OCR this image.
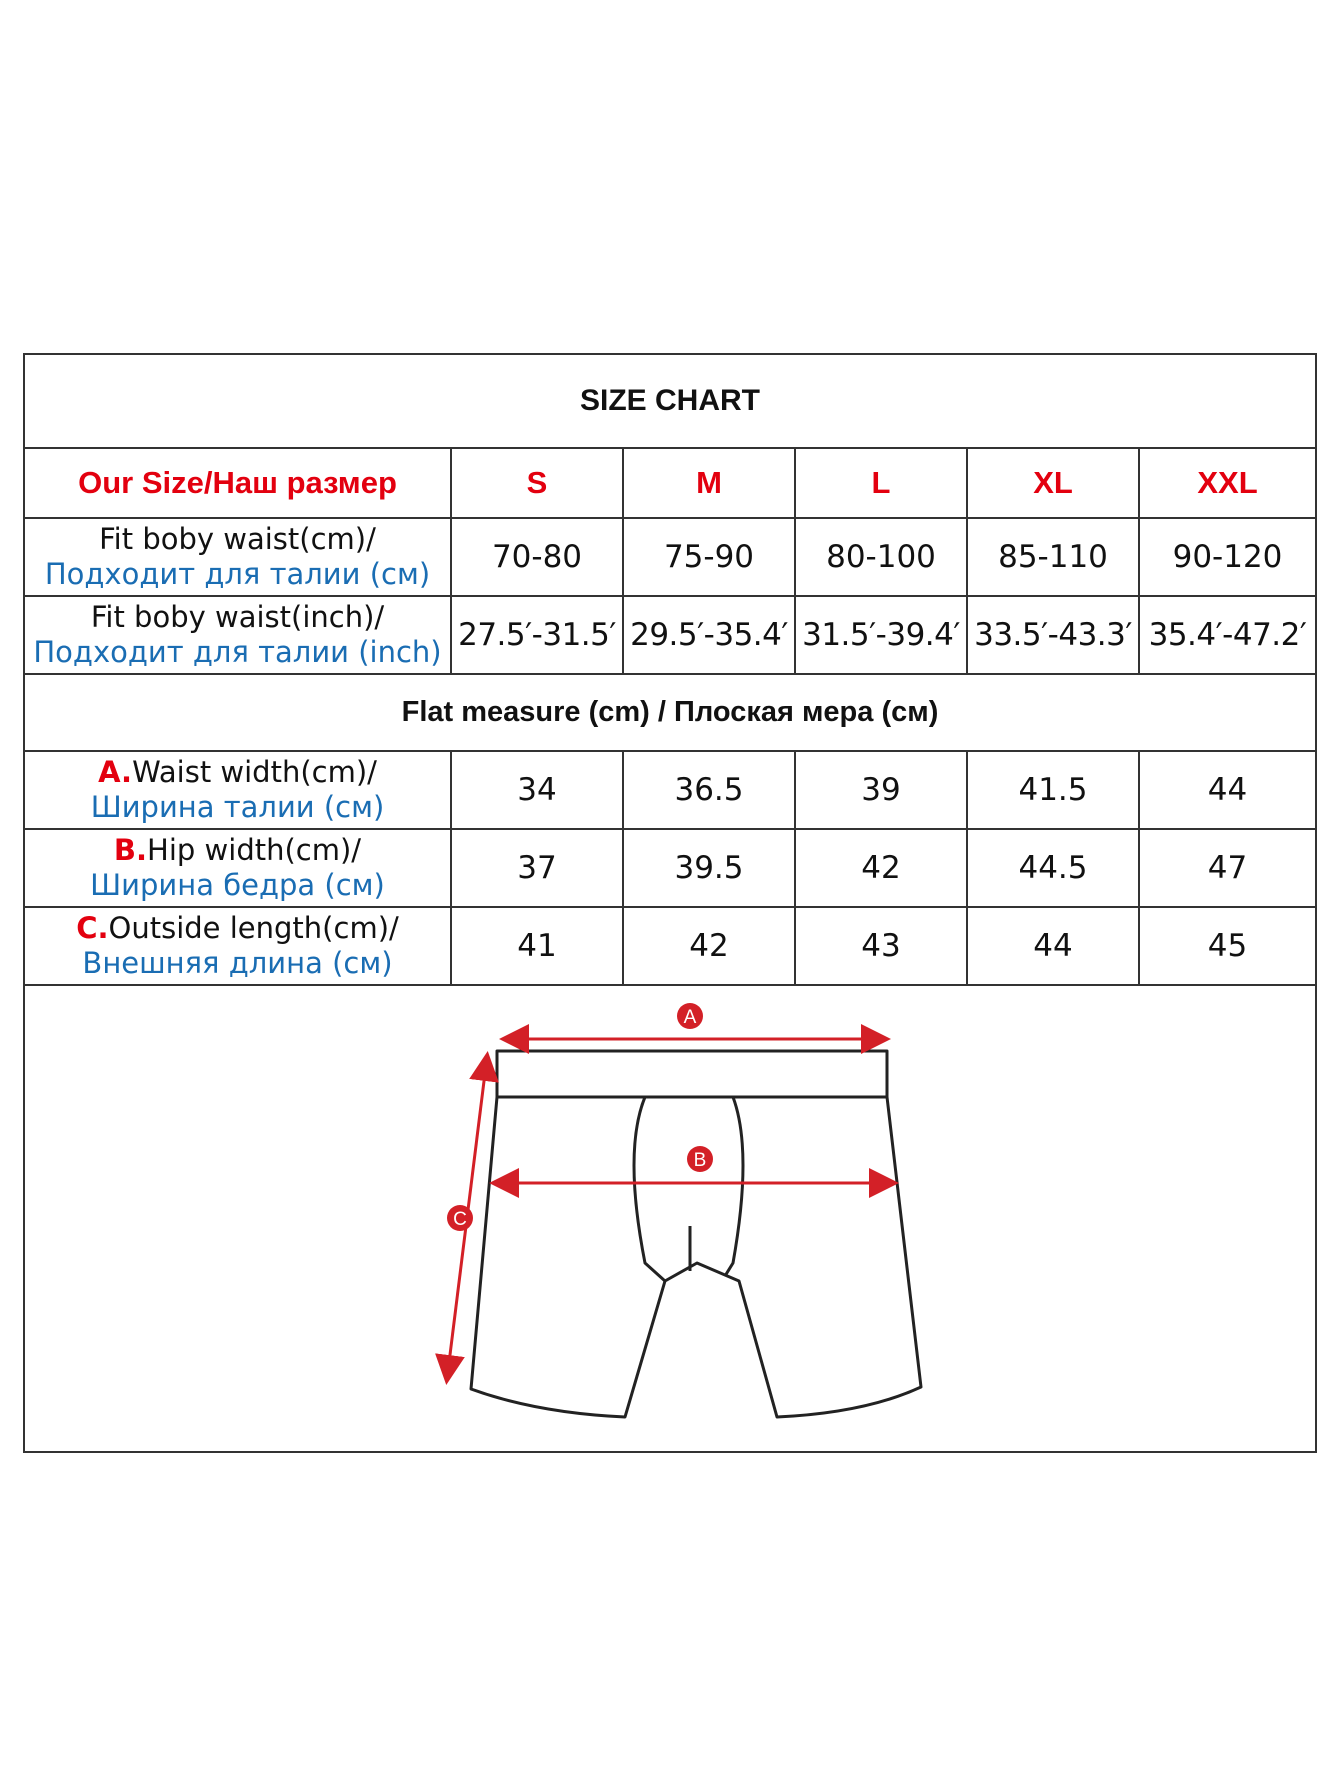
SIZE CHART					
Our Size/Наш размер	S	M	L	XL	XXL

Fit boby waist(cm)/
Подходит для талии (см)	70-80	75-90	80-100	85-110	90-120

Fit boby waist(inch)/
Подходит для талии (inch)	27.5′-31.5′	29.5′-35.4′	31.5′-39.4′	33.5′-43.3′	35.4′-47.2′
Flat measure (cm) / Плоская мера (см)					

A.Waist width(cm)/
Ширина талии (см)	34	36.5	39	41.5	44

B.Hip width(cm)/
Ширина бедра (см)	37	39.5	42	44.5	47

C.Outside length(cm)/
Внешняя длина (см)	41	42	43	44	45
A
B
C
